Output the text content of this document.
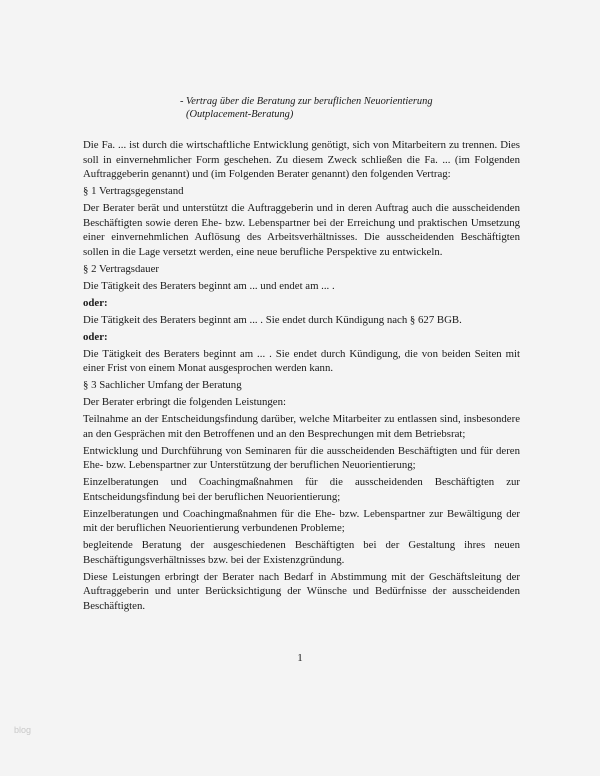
- Vertrag über die Beratung zur beruflichen Neuorientierung
(Outplacement-Beratung)

Die Fa. ... ist durch die wirtschaftliche Entwicklung genötigt, sich von Mitarbeitern zu trennen. Dies soll in einvernehmlicher Form geschehen. Zu diesem Zweck schließen die Fa. ... (im Folgenden Auftraggeberin genannt) und (im Folgenden Berater genannt) den folgenden Vertrag:

§ 1 Vertragsgegenstand

Der Berater berät und unterstützt die Auftraggeberin und in deren Auftrag auch die ausscheidenden Beschäftigten sowie deren Ehe- bzw. Lebenspartner bei der Erreichung und praktischen Umsetzung einer einvernehmlichen Auflösung des Arbeitsverhältnisses. Die ausscheidenden Beschäftigten sollen in die Lage versetzt werden, eine neue berufliche Perspektive zu entwickeln.

§ 2 Vertragsdauer

Die Tätigkeit des Beraters beginnt am ... und endet am ... .

oder:

Die Tätigkeit des Beraters beginnt am ... . Sie endet durch Kündigung nach § 627 BGB.

oder:

Die Tätigkeit des Beraters beginnt am ... . Sie endet durch Kündigung, die von beiden Seiten mit einer Frist von einem Monat ausgesprochen werden kann.

§ 3 Sachlicher Umfang der Beratung

Der Berater erbringt die folgenden Leistungen:

Teilnahme an der Entscheidungsfindung darüber, welche Mitarbeiter zu entlassen sind, insbesondere an den Gesprächen mit den Betroffenen und an den Besprechungen mit dem Betriebsrat;

Entwicklung und Durchführung von Seminaren für die ausscheidenden Beschäftigten und für deren Ehe- bzw. Lebenspartner zur Unterstützung der beruflichen Neuorientierung;

Einzelberatungen und Coachingmaßnahmen für die ausscheidenden Beschäftigten zur Entscheidungsfindung bei der beruflichen Neuorientierung;

Einzelberatungen und Coachingmaßnahmen für die Ehe- bzw. Lebenspartner zur Bewältigung der mit der beruflichen Neuorientierung verbundenen Probleme;

begleitende Beratung der ausgeschiedenen Beschäftigten bei der Gestaltung ihres neuen Beschäftigungsverhältnisses bzw. bei der Existenzgründung.

Diese Leistungen erbringt der Berater nach Bedarf in Abstimmung mit der Geschäftsleitung der Auftraggeberin und unter Berücksichtigung der Wünsche und Bedürfnisse der ausscheidenden Beschäftigten.

1
blog
